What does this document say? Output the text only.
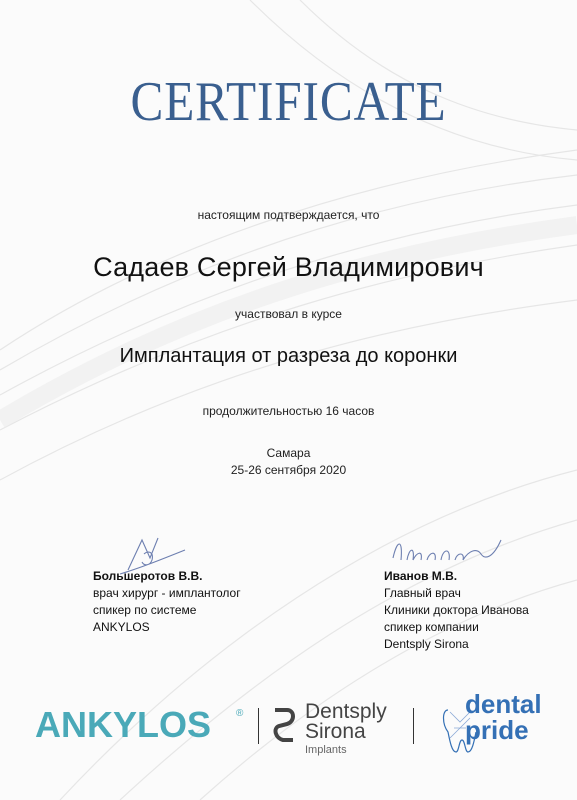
CERTIFICATE
настоящим подтверждается, что
Садаев Сергей Владимирович
участвовал в курсе
Имплантация от разреза до коронки
продолжительностью 16 часов
Самара
25-26 сентября 2020
Большеротов В.В.
врач хирург - имплантолог
спикер по системе
ANKYLOS
Иванов М.В.
Главный врач
Клиники доктора Иванова
спикер компании
Dentsply Sirona
ANKYLOS ®	Dentsply
Sirona
Implants
dental
pride
